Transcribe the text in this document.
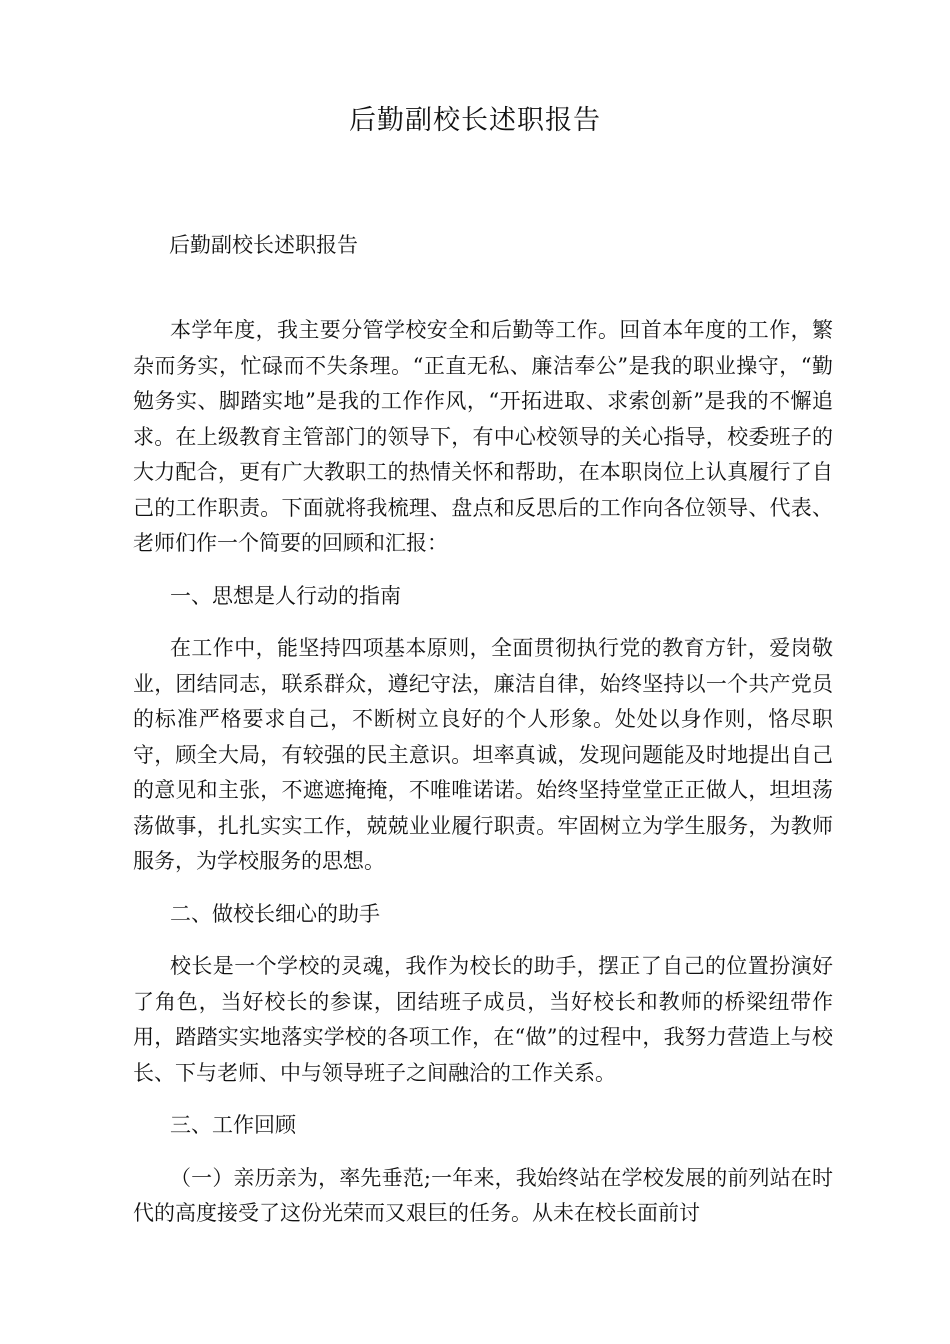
后勤副校长述职报告

后勤副校长述职报告

本学年度，我主要分管学校安全和后勤等工作。回首本年度的工作，繁杂而务实，忙碌而不失条理。“正直无私、廉洁奉公”是我的职业操守，“勤勉务实、脚踏实地”是我的工作作风，“开拓进取、求索创新”是我的不懈追求。在上级教育主管部门的领导下，有中心校领导的关心指导，校委班子的大力配合，更有广大教职工的热情关怀和帮助，在本职岗位上认真履行了自己的工作职责。下面就将我梳理、盘点和反思后的工作向各位领导、代表、老师们作一个简要的回顾和汇报：

一、思想是人行动的指南

在工作中，能坚持四项基本原则，全面贯彻执行党的教育方针，爱岗敬业，团结同志，联系群众，遵纪守法，廉洁自律，始终坚持以一个共产党员的标准严格要求自己，不断树立良好的个人形象。处处以身作则，恪尽职守，顾全大局，有较强的民主意识。坦率真诚，发现问题能及时地提出自己的意见和主张，不遮遮掩掩，不唯唯诺诺。始终坚持堂堂正正做人，坦坦荡荡做事，扎扎实实工作，兢兢业业履行职责。牢固树立为学生服务，为教师服务，为学校服务的思想。

二、做校长细心的助手

校长是一个学校的灵魂，我作为校长的助手，摆正了自己的位置扮演好了角色，当好校长的参谋，团结班子成员，当好校长和教师的桥梁纽带作用，踏踏实实地落实学校的各项工作，在“做”的过程中，我努力营造上与校长、下与老师、中与领导班子之间融洽的工作关系。

三、工作回顾

（一）亲历亲为，率先垂范;一年来，我始终站在学校发展的前列站在时代的高度接受了这份光荣而又艰巨的任务。从未在校长面前讨
